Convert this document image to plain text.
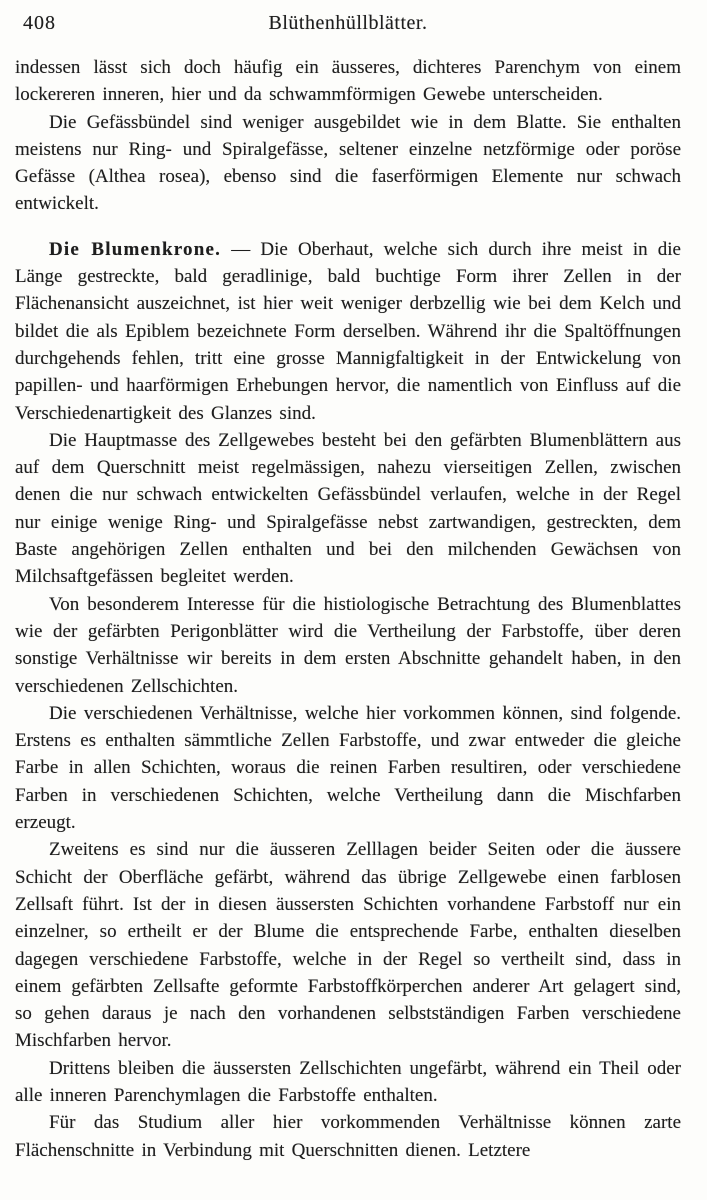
408	Blüthenhüllblätter.

indessen lässt sich doch häufig ein äusseres, dichteres Parenchym von einem lockereren inneren, hier und da schwammförmigen Gewebe unterscheiden.

Die Gefässbündel sind weniger ausgebildet wie in dem Blatte. Sie enthalten meistens nur Ring- und Spiralgefässe, seltener einzelne netzförmige oder poröse Gefässe (Althea rosea), ebenso sind die faserförmigen Elemente nur schwach entwickelt.

Die Blumenkrone. — Die Oberhaut, welche sich durch ihre meist in die Länge gestreckte, bald geradlinige, bald buchtige Form ihrer Zellen in der Flächenansicht auszeichnet, ist hier weit weniger derbzellig wie bei dem Kelch und bildet die als Epiblem bezeichnete Form derselben. Während ihr die Spaltöffnungen durchgehends fehlen, tritt eine grosse Mannigfaltigkeit in der Entwickelung von papillen- und haarförmigen Erhebungen hervor, die namentlich von Einfluss auf die Verschiedenartigkeit des Glanzes sind.

Die Hauptmasse des Zellgewebes besteht bei den gefärbten Blumenblättern aus auf dem Querschnitt meist regelmässigen, nahezu vierseitigen Zellen, zwischen denen die nur schwach entwickelten Gefässbündel verlaufen, welche in der Regel nur einige wenige Ring- und Spiralgefässe nebst zartwandigen, gestreckten, dem Baste angehörigen Zellen enthalten und bei den milchenden Gewächsen von Milchsaftgefässen begleitet werden.

Von besonderem Interesse für die histiologische Betrachtung des Blumenblattes wie der gefärbten Perigonblätter wird die Vertheilung der Farbstoffe, über deren sonstige Verhältnisse wir bereits in dem ersten Abschnitte gehandelt haben, in den verschiedenen Zellschichten.

Die verschiedenen Verhältnisse, welche hier vorkommen können, sind folgende. Erstens es enthalten sämmtliche Zellen Farbstoffe, und zwar entweder die gleiche Farbe in allen Schichten, woraus die reinen Farben resultiren, oder verschiedene Farben in verschiedenen Schichten, welche Vertheilung dann die Mischfarben erzeugt.

Zweitens es sind nur die äusseren Zelllagen beider Seiten oder die äussere Schicht der Oberfläche gefärbt, während das übrige Zellgewebe einen farblosen Zellsaft führt. Ist der in diesen äussersten Schichten vorhandene Farbstoff nur ein einzelner, so ertheilt er der Blume die entsprechende Farbe, enthalten dieselben dagegen verschiedene Farbstoffe, welche in der Regel so vertheilt sind, dass in einem gefärbten Zellsafte geformte Farbstoffkörperchen anderer Art gelagert sind, so gehen daraus je nach den vorhandenen selbstständigen Farben verschiedene Mischfarben hervor.

Drittens bleiben die äussersten Zellschichten ungefärbt, während ein Theil oder alle inneren Parenchymlagen die Farbstoffe enthalten.

Für das Studium aller hier vorkommenden Verhältnisse können zarte Flächenschnitte in Verbindung mit Querschnitten dienen. Letztere
